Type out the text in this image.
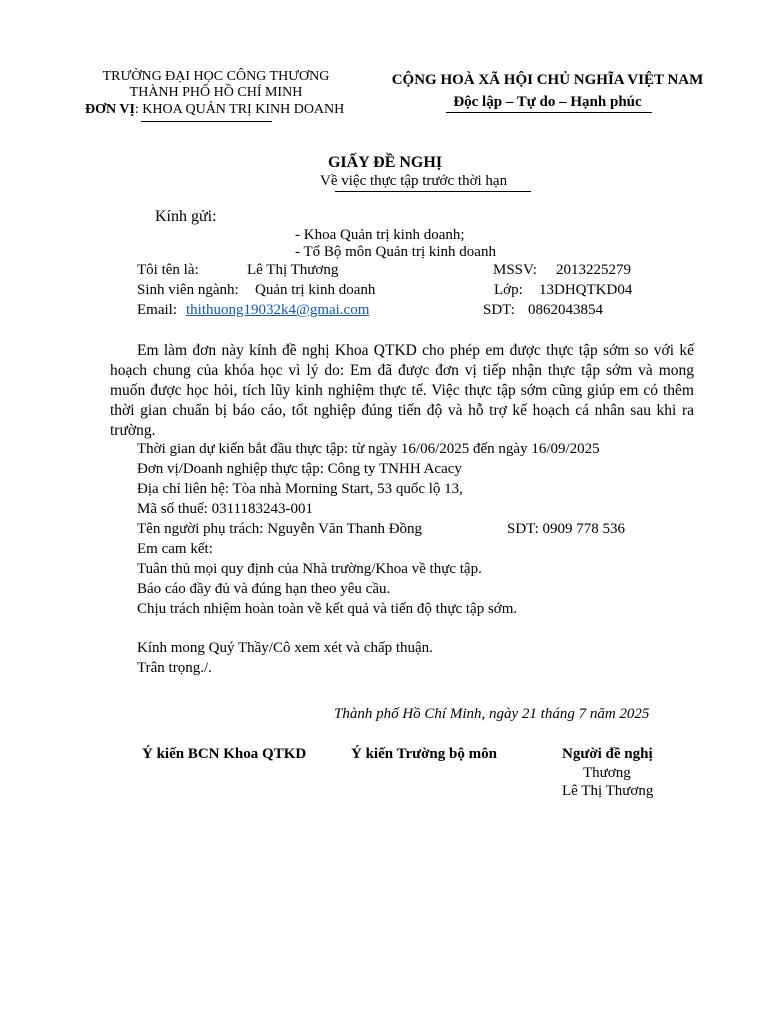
TRƯỜNG ĐẠI HỌC CÔNG THƯƠNG
THÀNH PHỐ HỒ CHÍ MINH
ĐƠN VỊ: KHOA QUẢN TRỊ KINH DOANH
CỘNG HOÀ XÃ HỘI CHỦ NGHĨA VIỆT NAM
Độc lập – Tự do – Hạnh phúc
GIẤY ĐỀ NGHỊ
Về việc thực tập trước thời hạn
Kính gửi:
- Khoa Quản trị kinh doanh;
- Tổ Bộ môn Quản trị kinh doanh
Tôi tên là:	Lê Thị Thương	MSSV: 2013225279
Sinh viên ngành: Quản trị kinh doanh	Lớp: 13DHQTKD04
Email: thithuong19032k4@gmai.com	SDT: 0862043854
Em làm đơn này kính đề nghị Khoa QTKD cho phép em được thực tập sớm so với kế hoạch chung của khóa học vì lý do: Em đã được đơn vị tiếp nhận thực tập sớm và mong muốn được học hỏi, tích lũy kinh nghiệm thực tế. Việc thực tập sớm cũng giúp em có thêm thời gian chuẩn bị báo cáo, tốt nghiệp đúng tiến độ và hỗ trợ kế hoạch cá nhân sau khi ra trường.
Thời gian dự kiến bắt đầu thực tập: từ ngày 16/06/2025 đến ngày 16/09/2025
Đơn vị/Doanh nghiệp thực tập: Công ty TNHH Acacy
Địa chỉ liên hệ: Tòa nhà Morning Start, 53 quốc lộ 13,
Mã số thuế: 0311183243-001
Tên người phụ trách: Nguyễn Văn Thanh Đồng	SDT: 0909 778 536
Em cam kết:
Tuân thủ mọi quy định của Nhà trường/Khoa về thực tập.
Báo cáo đầy đủ và đúng hạn theo yêu cầu.
Chịu trách nhiệm hoàn toàn về kết quả và tiến độ thực tập sớm.
Kính mong Quý Thầy/Cô xem xét và chấp thuận.
Trân trọng./.
Thành phố Hồ Chí Minh, ngày 21 tháng 7 năm 2025
Ý kiến BCN Khoa QTKD	Ý kiến Trường bộ môn	Người đề nghị
Thương
Lê Thị Thương
